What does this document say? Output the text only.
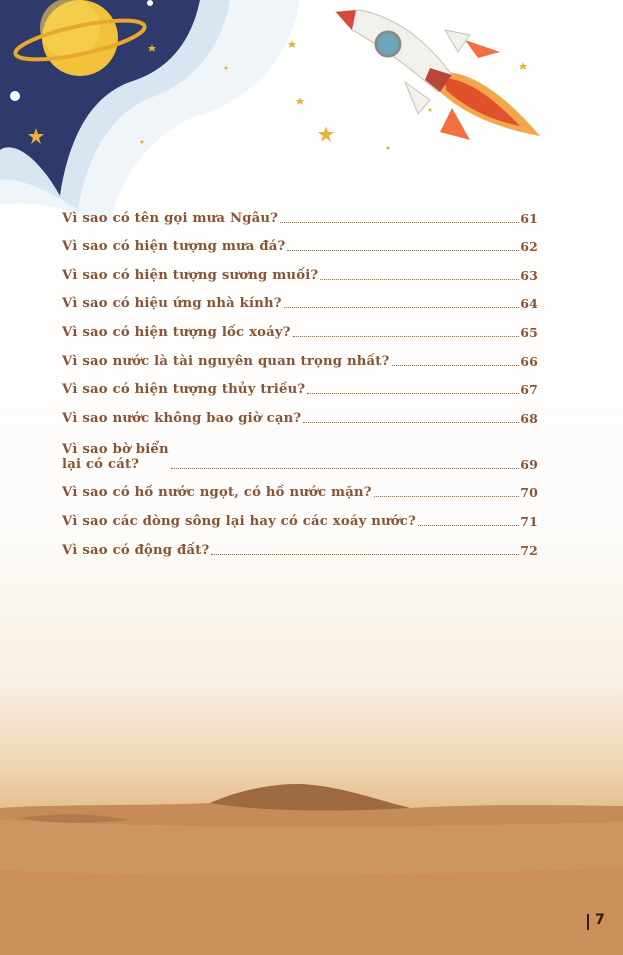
Vì sao có tên gọi mưa Ngâu?	61
Vì sao có hiện tượng mưa đá?	62
Vì sao có hiện tượng sương muối?	63
Vì sao có hiệu ứng nhà kính?	64
Vì sao có hiện tượng lốc xoáy?	65
Vì sao nước là tài nguyên quan trọng nhất?	66
Vì sao có hiện tượng thủy triều?	67
Vì sao nước không bao giờ cạn?	68
Vì sao bờ biển
lại có cát?	69
Vì sao có hồ nước ngọt, có hồ nước mặn?	70
Vì sao các dòng sông lại hay có các xoáy nước?	71
Vì sao có động đất?	72
7
